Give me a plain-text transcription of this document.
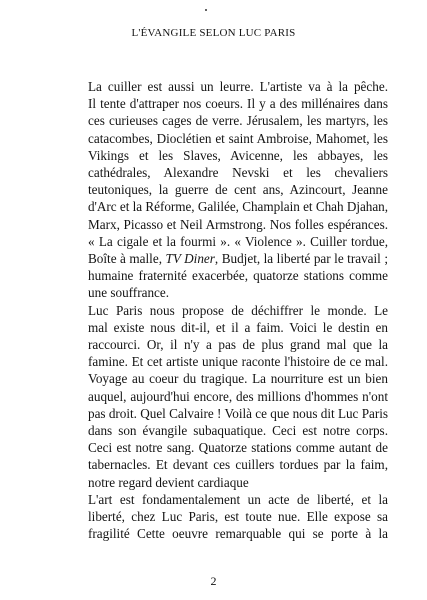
L'ÉVANGILE SELON LUC PARIS

La cuiller est aussi un leurre. L'artiste va à la pêche.
Il tente d'attraper nos coeurs. Il y a des millénaires dans
ces curieuses cages de verre. Jérusalem, les martyrs, les
catacombes, Dioclétien et saint Ambroise, Mahomet, les
Vikings et les Slaves, Avicenne, les abbayes, les
cathédrales, Alexandre Nevski et les chevaliers
teutoniques, la guerre de cent ans, Azincourt, Jeanne
d'Arc et la Réforme, Galilée, Champlain et Chah Djahan,
Marx, Picasso et Neil Armstrong. Nos folles espérances.
« La cigale et la fourmi ». « Violence ». Cuiller tordue,
Boîte à malle, TV Diner, Budjet, la liberté par le travail ;
humaine fraternité exacerbée, quatorze stations comme
une souffrance.

Luc Paris nous propose de déchiffrer le monde. Le
mal existe nous dit-il, et il a faim. Voici le destin en
raccourci. Or, il n'y a pas de plus grand mal que la
famine. Et cet artiste unique raconte l'histoire de ce mal.
Voyage au coeur du tragique. La nourriture est un bien
auquel, aujourd'hui encore, des millions d'hommes n'ont
pas droit. Quel Calvaire ! Voilà ce que nous dit Luc Paris
dans son évangile subaquatique. Ceci est notre corps.
Ceci est notre sang. Quatorze stations comme autant de
tabernacles. Et devant ces cuillers tordues par la faim,
notre regard devient cardiaque

L'art est fondamentalement un acte de liberté, et la
liberté, chez Luc Paris, est toute nue. Elle expose sa
fragilité Cette oeuvre remarquable qui se porte à la

2
